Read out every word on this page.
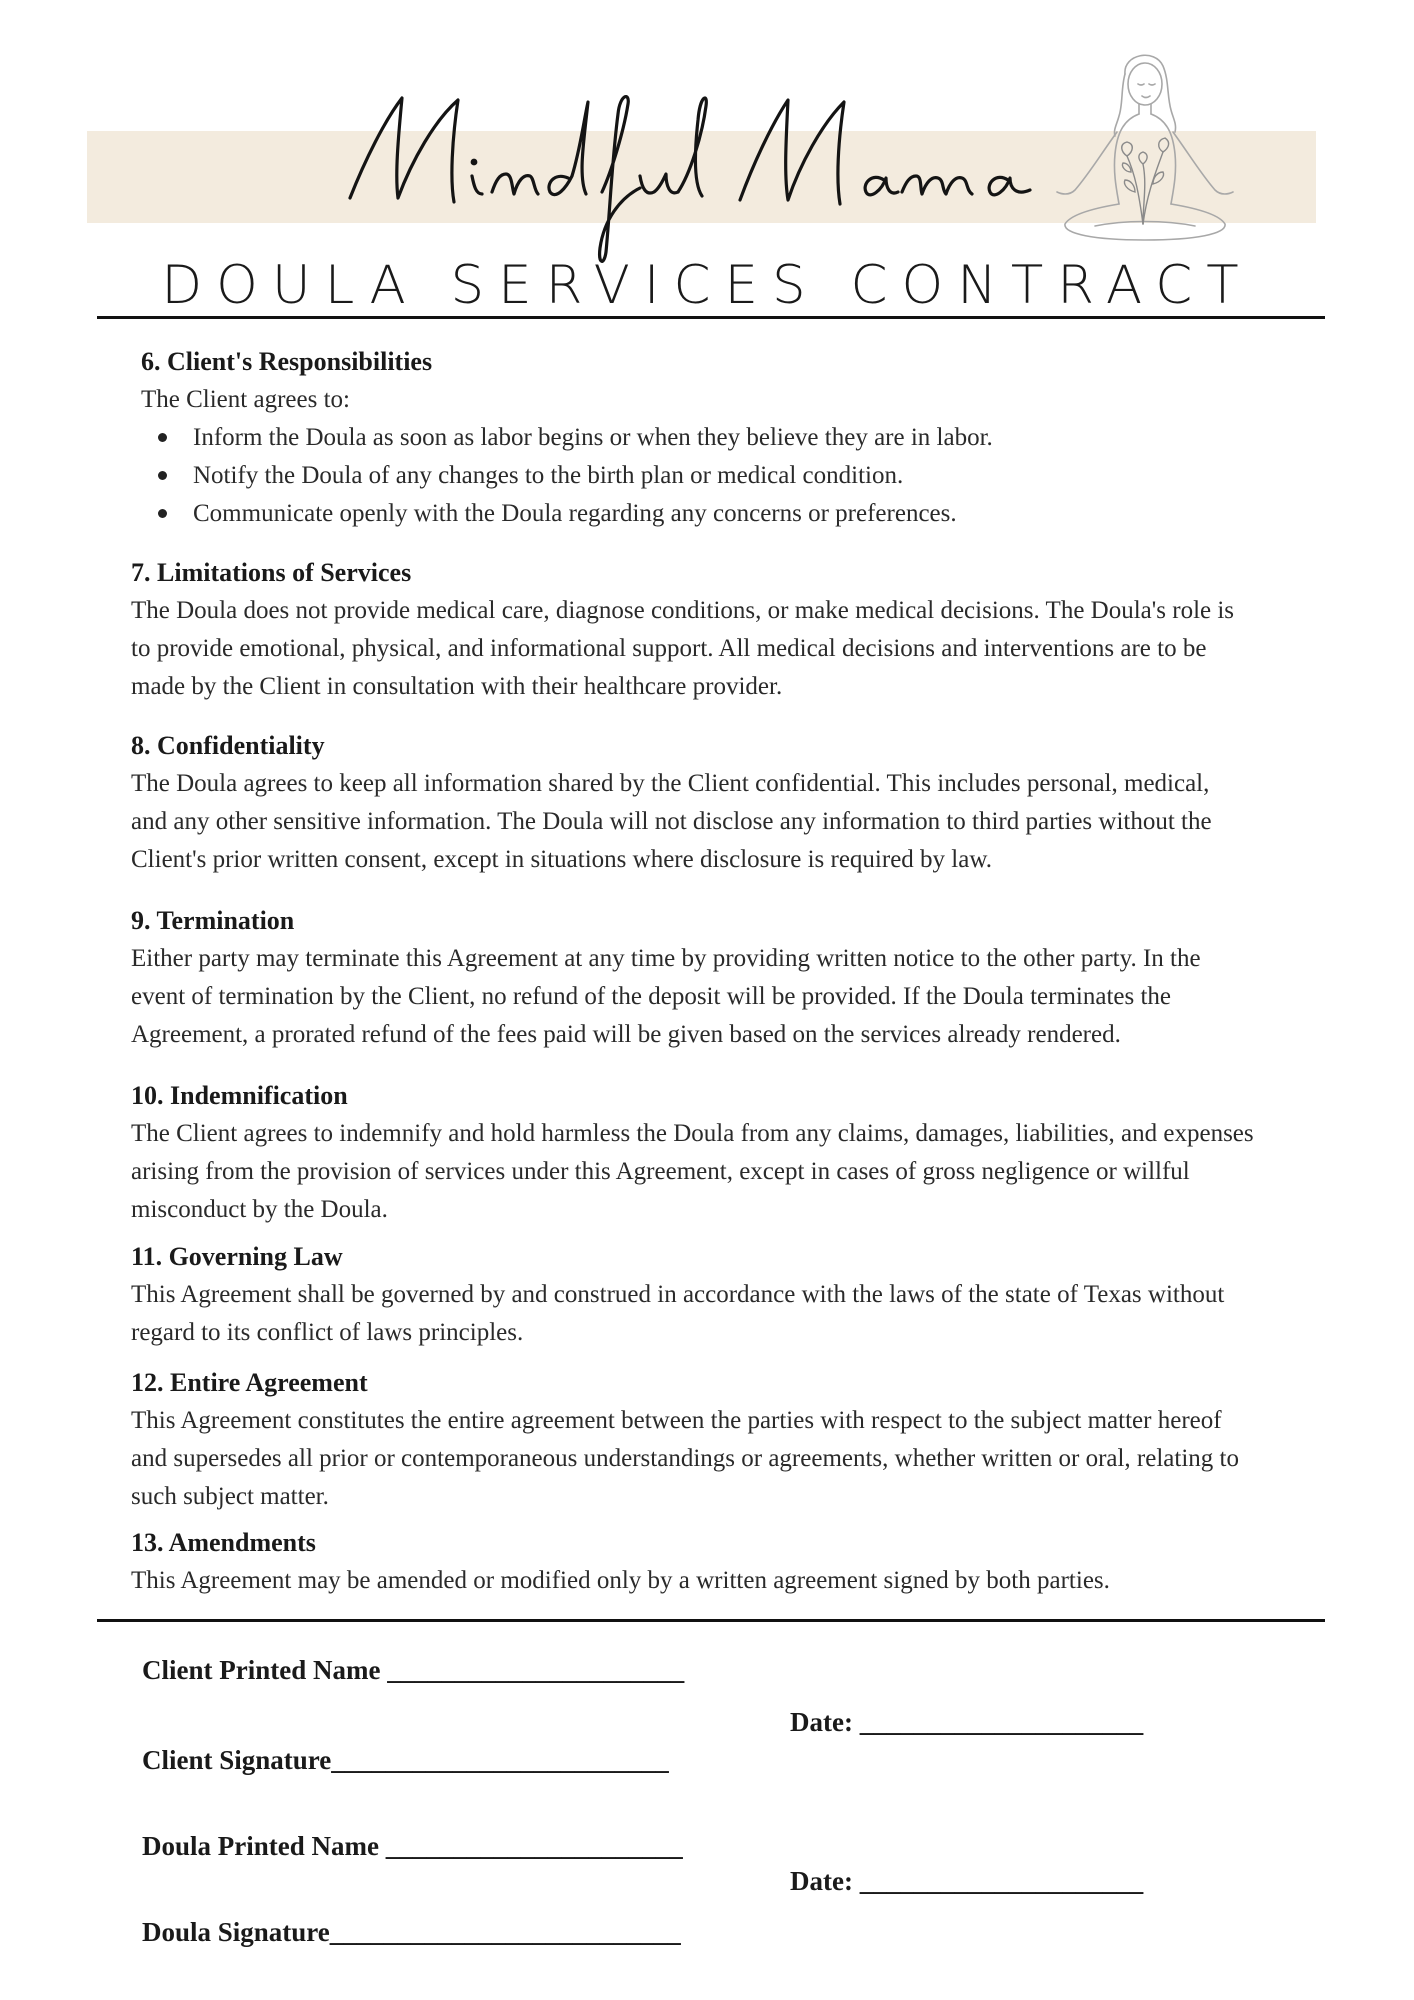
DOULA SERVICES CONTRACT
6. Client's Responsibilities

The Client agrees to:

Inform the Doula as soon as labor begins or when they believe they are in labor.
Notify the Doula of any changes to the birth plan or medical condition.
Communicate openly with the Doula regarding any concerns or preferences.
7. Limitations of Services

The Doula does not provide medical care, diagnose conditions, or make medical decisions. The Doula's role is

to provide emotional, physical, and informational support. All medical decisions and interventions are to be

made by the Client in consultation with their healthcare provider.

8. Confidentiality

The Doula agrees to keep all information shared by the Client confidential. This includes personal, medical,

and any other sensitive information. The Doula will not disclose any information to third parties without the

Client's prior written consent, except in situations where disclosure is required by law.

9. Termination

Either party may terminate this Agreement at any time by providing written notice to the other party. In the

event of termination by the Client, no refund of the deposit will be provided. If the Doula terminates the

Agreement, a prorated refund of the fees paid will be given based on the services already rendered.

10. Indemnification

The Client agrees to indemnify and hold harmless the Doula from any claims, damages, liabilities, and expenses

arising from the provision of services under this Agreement, except in cases of gross negligence or willful

misconduct by the Doula.

11. Governing Law

This Agreement shall be governed by and construed in accordance with the laws of the state of Texas without

regard to its conflict of laws principles.

12. Entire Agreement

This Agreement constitutes the entire agreement between the parties with respect to the subject matter hereof

and supersedes all prior or contemporaneous understandings or agreements, whether written or oral, relating to

such subject matter.

13. Amendments

This Agreement may be amended or modified only by a written agreement signed by both parties.

Client Printed Name ______________________
Date: _____________________
Client Signature_________________________
Doula Printed Name ______________________
Date: _____________________
Doula Signature__________________________
